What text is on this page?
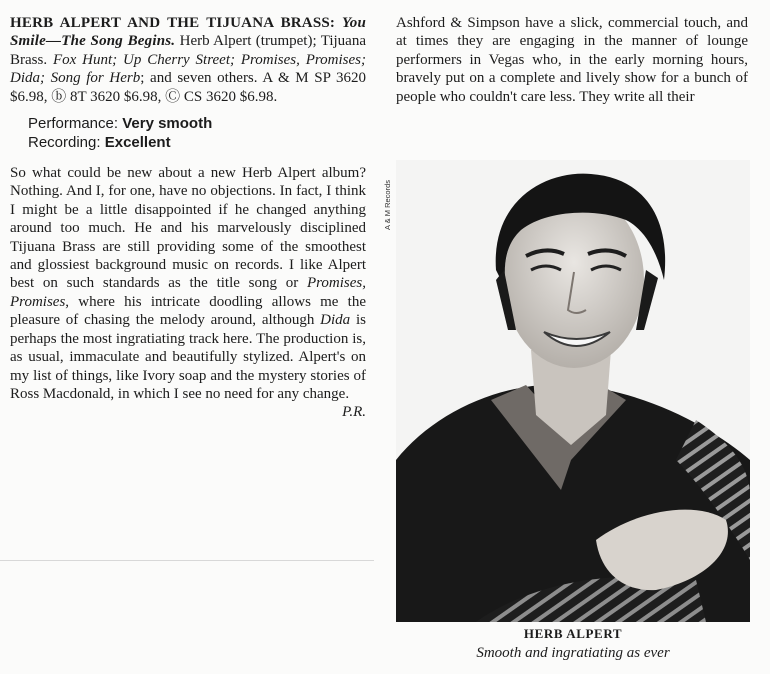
HERB ALPERT AND THE TIJUANA BRASS: You Smile—The Song Begins. Herb Alpert (trumpet); Tijuana Brass. Fox Hunt; Up Cherry Street; Promises, Promises; Dida; Song for Herb; and seven others. A & M SP 3620 $6.98, ⓑ 8T 3620 $6.98, Ⓒ CS 3620 $6.98.

Performance: Very smooth
Recording: Excellent

So what could be new about a new Herb Alpert album? Nothing. And I, for one, have no objections. In fact, I think I might be a little disappointed if he changed anything around too much. He and his marvelously disciplined Tijuana Brass are still providing some of the smoothest and glossiest background music on records. I like Alpert best on such standards as the title song or Promises, Promises, where his intricate doodling allows me the pleasure of chasing the melody around, although Dida is perhaps the most ingratiating track here. The production is, as usual, immaculate and beautifully stylized. Alpert's on my list of things, like Ivory soap and the mystery stories of Ross Macdonald, in which I see no need for any change.
P.R.

Ashford & Simpson have a slick, commercial touch, and at times they are engaging in the manner of lounge performers in Vegas who, in the early morning hours, bravely put on a complete and lively show for a bunch of people who couldn't care less. They write all their

A & M Records
HERB ALPERT
Smooth and ingratiating as ever
